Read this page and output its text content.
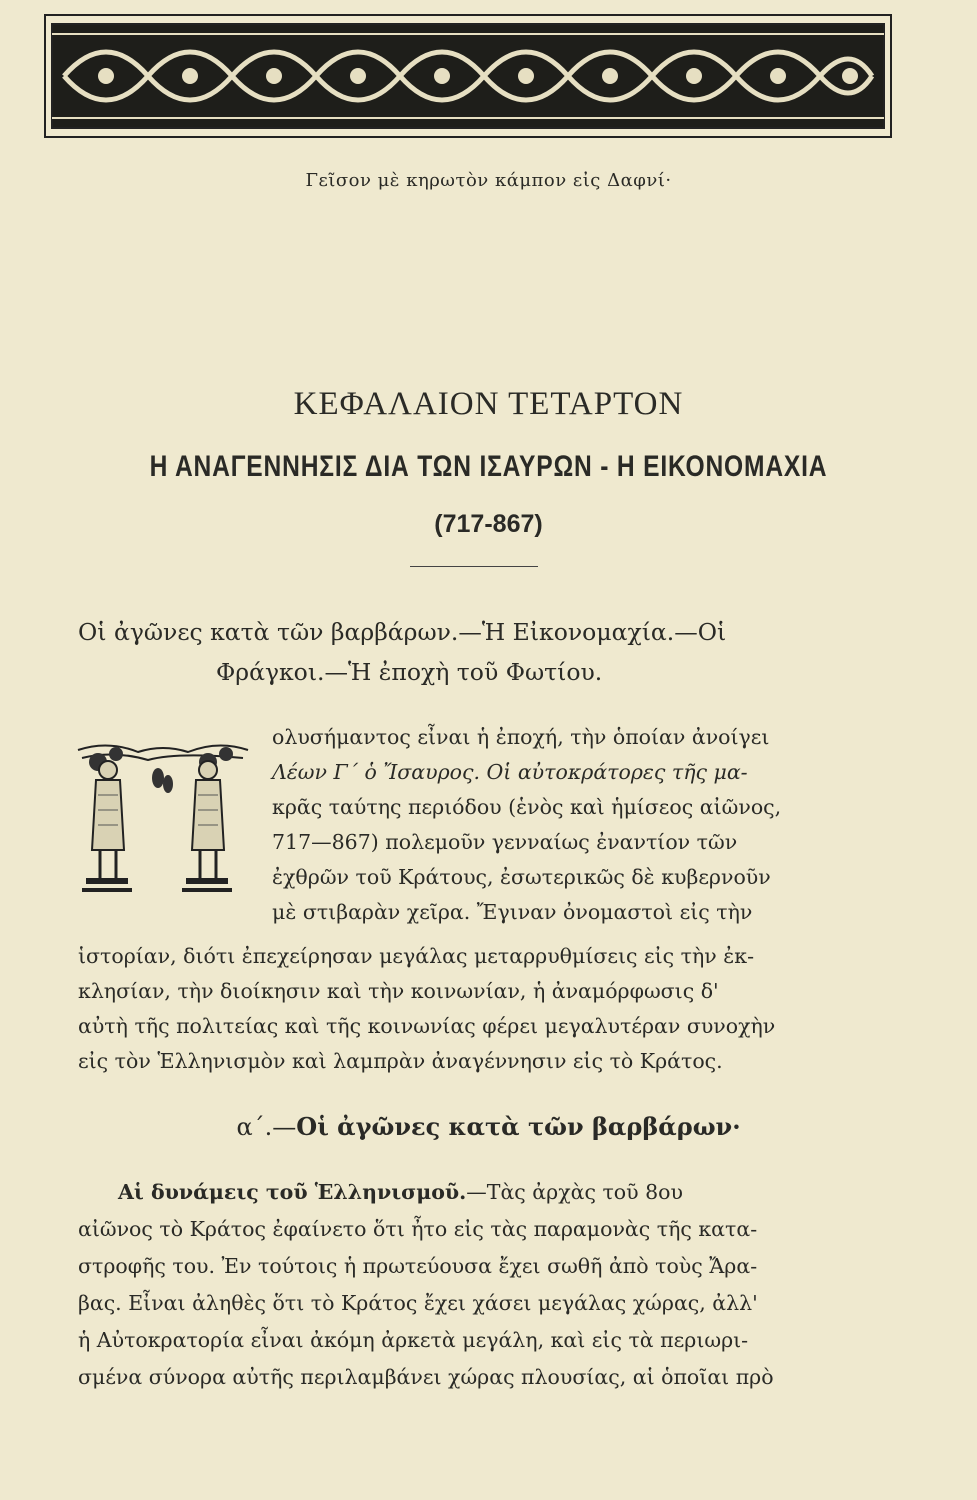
Γεῖσον μὲ κηρωτὸν κάμπον εἰς Δαφνί·
ΚΕΦΑΛΑΙΟΝ ΤΕΤΑΡΤΟΝ
Η ΑΝΑΓΕΝΝΗΣΙΣ ΔΙΑ ΤΩΝ ΙΣΑΥΡΩΝ - Η ΕΙΚΟΝΟΜΑΧΙΑ
(717-867)
Οἱ ἀγῶνες κατὰ τῶν βαρβάρων.—Ἡ Εἰκονομαχία.—Οἱ
Φράγκοι.—Ἡ ἐποχὴ τοῦ Φωτίου.
ολυσήμαντος εἶναι ἡ ἐποχή, τὴν ὁποίαν ἀνοίγει
Λέων Γ΄ ὁ Ἴσαυρος. Οἱ αὐτοκράτορες τῆς μα-
κρᾶς ταύτης περιόδου (ἑνὸς καὶ ἡμίσεος αἰῶνος,
717—867) πολεμοῦν γενναίως ἐναντίον τῶν
ἐχθρῶν τοῦ Κράτους, ἐσωτερικῶς δὲ κυβερνοῦν
μὲ στιβαρὰν χεῖρα. Ἔγιναν ὀνομαστοὶ εἰς τὴν
ἱστορίαν, διότι ἐπεχείρησαν μεγάλας μεταρρυθμίσεις εἰς τὴν ἐκ-
κλησίαν, τὴν διοίκησιν καὶ τὴν κοινωνίαν, ἡ ἀναμόρφωσις δ'
αὐτὴ τῆς πολιτείας καὶ τῆς κοινωνίας φέρει μεγαλυτέραν συνοχὴν
εἰς τὸν Ἑλληνισμὸν καὶ λαμπρὰν ἀναγέννησιν εἰς τὸ Κράτος.
α΄.—Οἱ ἀγῶνες κατὰ τῶν βαρβάρων·
Αἱ δυνάμεις τοῦ Ἑλληνισμοῦ.—Τὰς ἀρχὰς τοῦ 8ου
αἰῶνος τὸ Κράτος ἐφαίνετο ὅτι ἦτο εἰς τὰς παραμονὰς τῆς κατα-
στροφῆς του. Ἐν τούτοις ἡ πρωτεύουσα ἔχει σωθῆ ἀπὸ τοὺς Ἄρα-
βας. Εἶναι ἀληθὲς ὅτι τὸ Κράτος ἔχει χάσει μεγάλας χώρας, ἀλλ'
ἡ Αὐτοκρατορία εἶναι ἀκόμη ἀρκετὰ μεγάλη, καὶ εἰς τὰ περιωρι-
σμένα σύνορα αὐτῆς περιλαμβάνει χώρας πλουσίας, αἱ ὁποῖαι πρὸ
